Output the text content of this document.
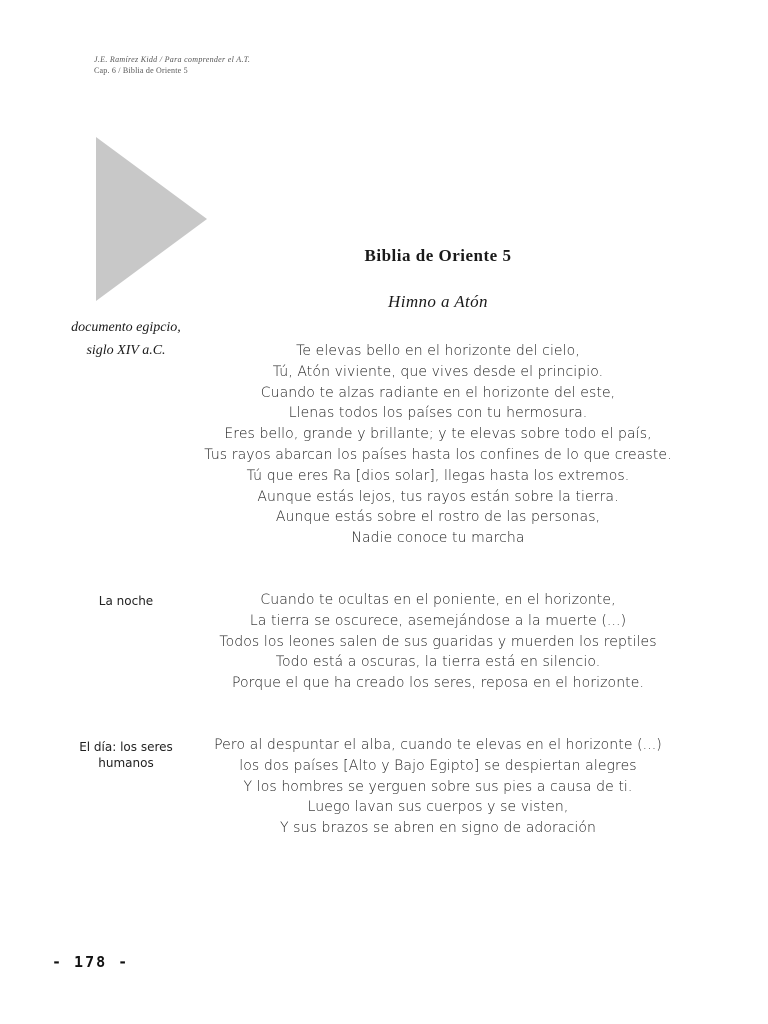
J.E. Ramírez Kidd / Para comprender el A.T.
Cap. 6 / Biblia de Oriente 5
documento egipcio,
siglo XIV a.C.
Biblia de Oriente 5
Himno a Atón
Te elevas bello en el horizonte del cielo,
Tú, Atón viviente, que vives desde el principio.
Cuando te alzas radiante en el horizonte del este,
Llenas todos los países con tu hermosura.
Eres bello, grande y brillante; y te elevas sobre todo el país,
Tus rayos abarcan los países hasta los confines de lo que creaste.
Tú que eres Ra [dios solar], llegas hasta los extremos.
Aunque estás lejos, tus rayos están sobre la tierra.
Aunque estás sobre el rostro de las personas,
Nadie conoce tu marcha
La noche	Cuando te ocultas en el poniente, en el horizonte,
La tierra se oscurece, asemejándose a la muerte (...)
Todos los leones salen de sus guaridas y muerden los reptiles
Todo está a oscuras, la tierra está en silencio.
Porque el que ha creado los seres, reposa en el horizonte.
El día: los seres
humanos
Pero al despuntar el alba, cuando te elevas en el horizonte (...)
los dos países [Alto y Bajo Egipto] se despiertan alegres
Y los hombres se yerguen sobre sus pies a causa de ti.
Luego lavan sus cuerpos y se visten,
Y sus brazos se abren en signo de adoración
- 178 -
